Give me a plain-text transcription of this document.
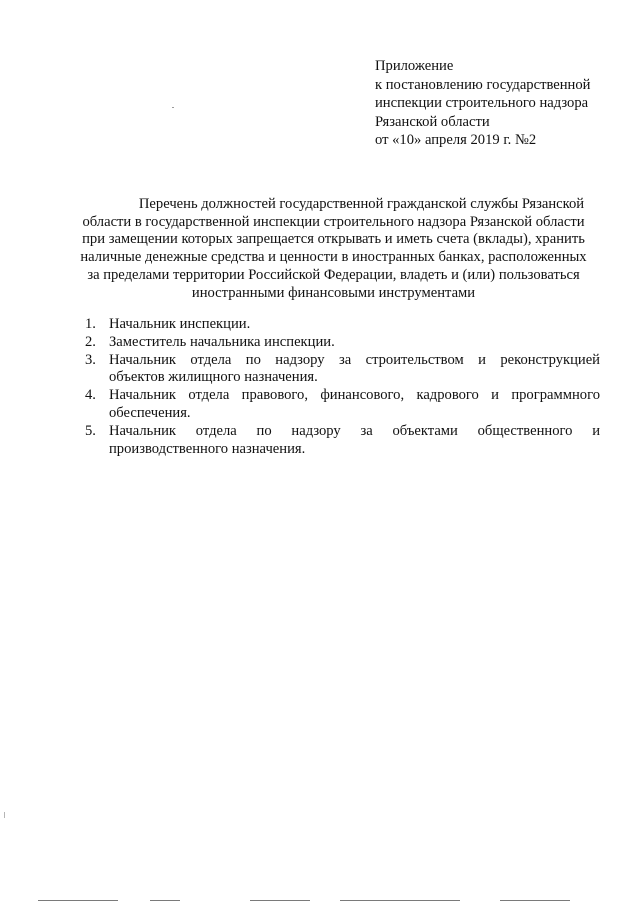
Приложение
к постановлению государственной
инспекции строительного надзора
Рязанской области
от «10» апреля 2019 г. №2
Перечень должностей государственной гражданской службы Рязанской
области в государственной инспекции строительного надзора Рязанской области
при замещении которых запрещается открывать и иметь счета (вклады), хранить
наличные денежные средства и ценности в иностранных банках, расположенных
за пределами территории Российской Федерации, владеть и (или) пользоваться
иностранными финансовыми инструментами
1. Начальник инспекции.
2. Заместитель начальника инспекции.
3. Начальник отдела по надзору за строительством и реконструкцией
объектов жилищного назначения.
4. Начальник отдела правового, финансового, кадрового и программного
обеспечения.
5. Начальник отдела по надзору за объектами общественного и
производственного назначения.
